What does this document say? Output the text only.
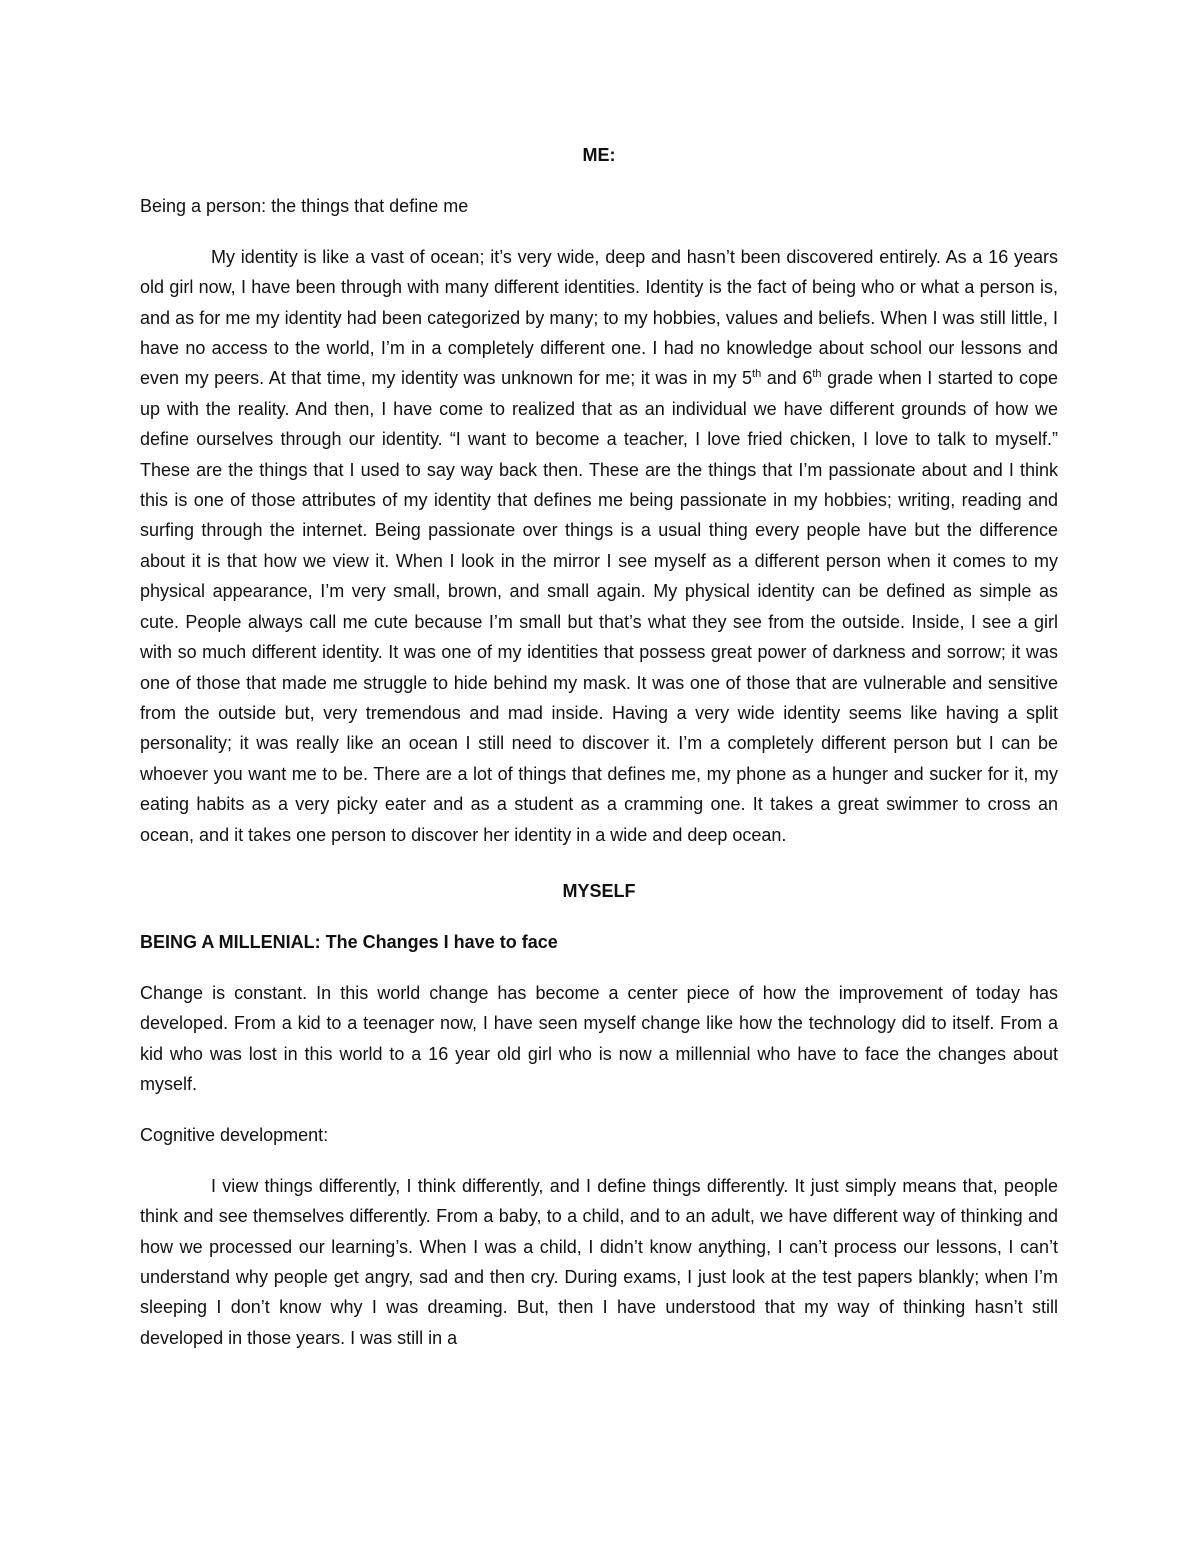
ME:

Being a person: the things that define me

My identity is like a vast of ocean; it’s very wide, deep and hasn’t been discovered entirely. As a 16 years old girl now, I have been through with many different identities. Identity is the fact of being who or what a person is, and as for me my identity had been categorized by many; to my hobbies, values and beliefs. When I was still little, I have no access to the world, I’m in a completely different one. I had no knowledge about school our lessons and even my peers. At that time, my identity was unknown for me; it was in my 5th and 6th grade when I started to cope up with the reality. And then, I have come to realized that as an individual we have different grounds of how we define ourselves through our identity. “I want to become a teacher, I love fried chicken, I love to talk to myself.” These are the things that I used to say way back then. These are the things that I’m passionate about and I think this is one of those attributes of my identity that defines me being passionate in my hobbies; writing, reading and surfing through the internet. Being passionate over things is a usual thing every people have but the difference about it is that how we view it. When I look in the mirror I see myself as a different person when it comes to my physical appearance, I’m very small, brown, and small again. My physical identity can be defined as simple as cute. People always call me cute because I’m small but that’s what they see from the outside. Inside, I see a girl with so much different identity. It was one of my identities that possess great power of darkness and sorrow; it was one of those that made me struggle to hide behind my mask. It was one of those that are vulnerable and sensitive from the outside but, very tremendous and mad inside. Having a very wide identity seems like having a split personality; it was really like an ocean I still need to discover it. I’m a completely different person but I can be whoever you want me to be. There are a lot of things that defines me, my phone as a hunger and sucker for it, my eating habits as a very picky eater and as a student as a cramming one. It takes a great swimmer to cross an ocean, and it takes one person to discover her identity in a wide and deep ocean.

MYSELF

BEING A MILLENIAL: The Changes I have to face

Change is constant. In this world change has become a center piece of how the improvement of today has developed. From a kid to a teenager now, I have seen myself change like how the technology did to itself. From a kid who was lost in this world to a 16 year old girl who is now a millennial who have to face the changes about myself.

Cognitive development:

I view things differently, I think differently, and I define things differently. It just simply means that, people think and see themselves differently. From a baby, to a child, and to an adult, we have different way of thinking and how we processed our learning’s. When I was a child, I didn’t know anything, I can’t process our lessons, I can’t understand why people get angry, sad and then cry. During exams, I just look at the test papers blankly; when I’m sleeping I don’t know why I was dreaming. But, then I have understood that my way of thinking hasn’t still developed in those years. I was still in a
